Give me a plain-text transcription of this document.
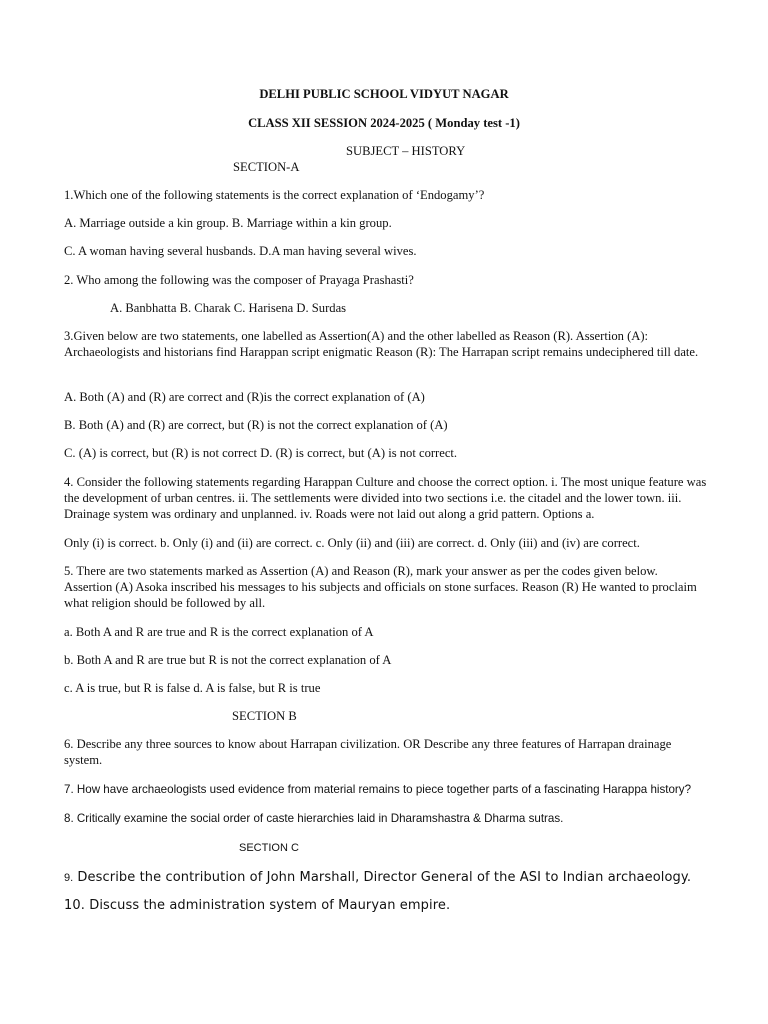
DELHI PUBLIC SCHOOL VIDYUT NAGAR
CLASS XII SESSION 2024-2025 ( Monday test -1)
SUBJECT – HISTORY
SECTION-A
1.Which one of the following statements is the correct explanation of ‘Endogamy’?
A. Marriage outside a kin group. B. Marriage within a kin group.
C. A woman having several husbands. D.A man having several wives.
2. Who among the following was the composer of Prayaga Prashasti?
A. Banbhatta B. Charak C. Harisena D. Surdas
3.Given below are two statements, one labelled as Assertion(A) and the other labelled as Reason (R). Assertion (A): Archaeologists and historians find Harappan script enigmatic Reason (R): The Harrapan script remains undeciphered till date.
A. Both (A) and (R) are correct and (R)is the correct explanation of (A)
B. Both (A) and (R) are correct, but (R) is not the correct explanation of (A)
C. (A) is correct, but (R) is not correct D. (R) is correct, but (A) is not correct.
4. Consider the following statements regarding Harappan Culture and choose the correct option. i. The most unique feature was the development of urban centres. ii. The settlements were divided into two sections i.e. the citadel and the lower town. iii. Drainage system was ordinary and unplanned. iv. Roads were not laid out along a grid pattern. Options a.
Only (i) is correct. b. Only (i) and (ii) are correct. c. Only (ii) and (iii) are correct. d. Only (iii) and (iv) are correct.
5. There are two statements marked as Assertion (A) and Reason (R), mark your answer as per the codes given below. Assertion (A) Asoka inscribed his messages to his subjects and officials on stone surfaces. Reason (R) He wanted to proclaim what religion should be followed by all.
a. Both A and R are true and R is the correct explanation of A
b. Both A and R are true but R is not the correct explanation of A
c. A is true, but R is false d. A is false, but R is true
SECTION B
6. Describe any three sources to know about Harrapan civilization. OR Describe any three features of Harrapan drainage system.
7. How have archaeologists used evidence from material remains to piece together parts of a fascinating Harappa history?
8. Critically examine the social order of caste hierarchies laid in Dharamshastra & Dharma sutras.
SECTION C
9. Describe the contribution of John Marshall, Director General of the ASI to Indian archaeology.
10. Discuss the administration system of Mauryan empire.
